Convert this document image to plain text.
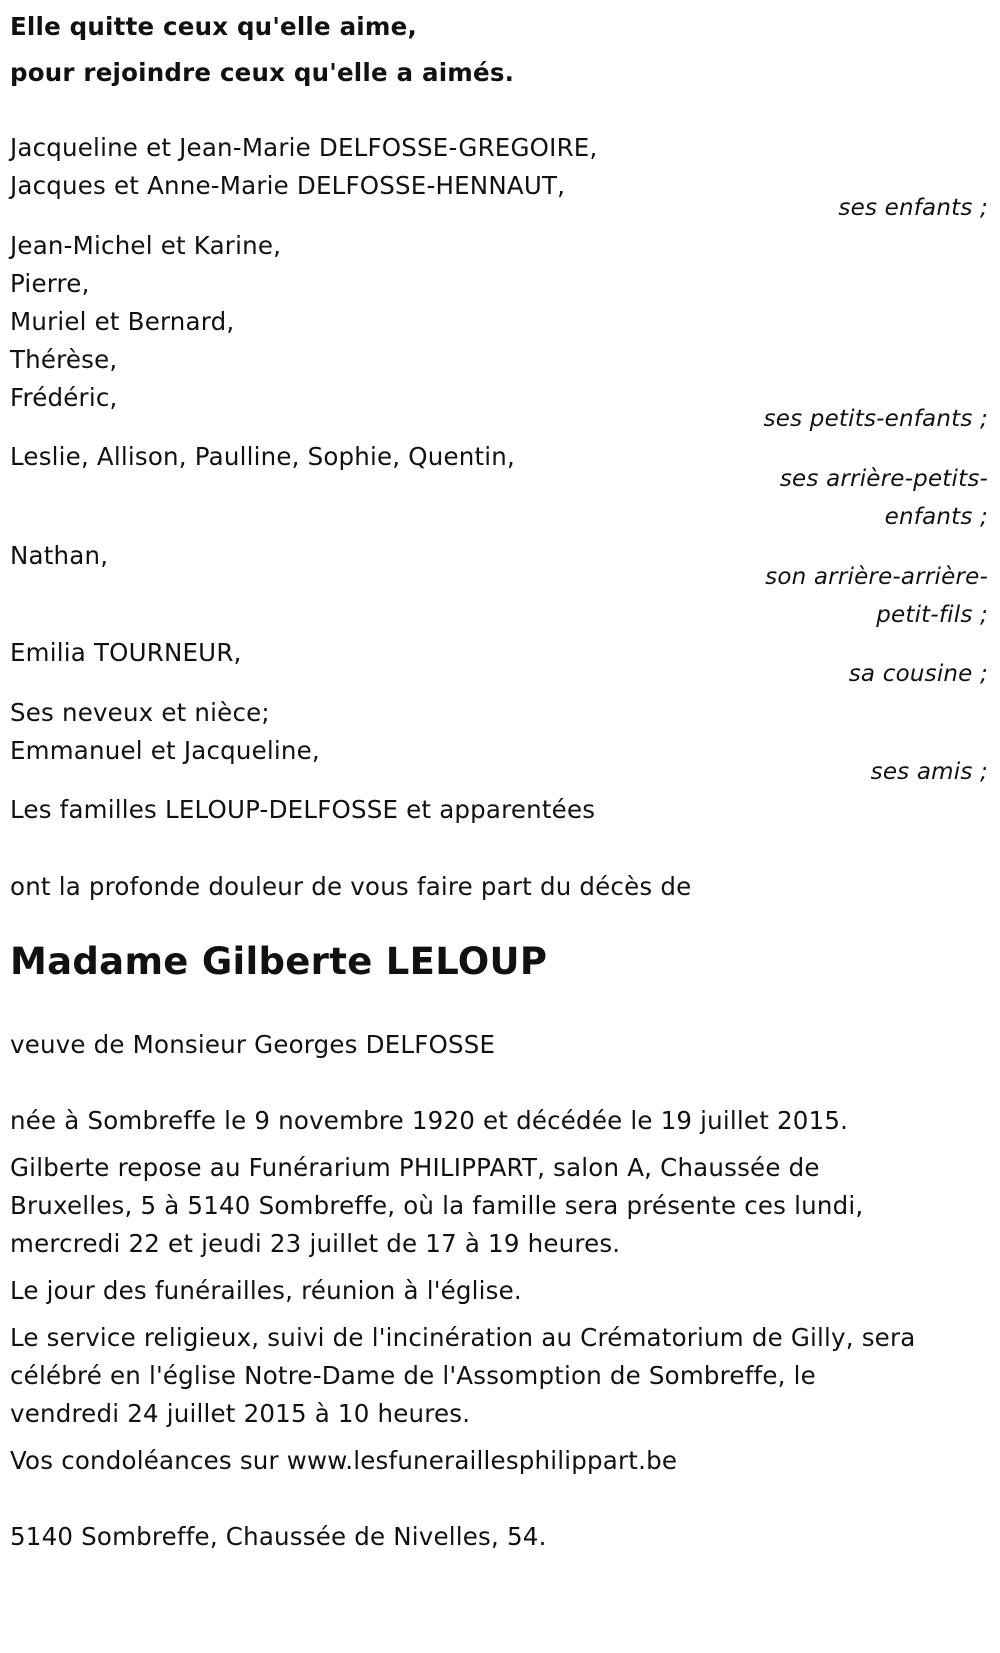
Elle quitte ceux qu'elle aime,
pour rejoindre ceux qu'elle a aimés.
Jacqueline et Jean-Marie DELFOSSE-GREGOIRE,
Jacques et Anne-Marie DELFOSSE-HENNAUT,
ses enfants ;
Jean-Michel et Karine,
Pierre,
Muriel et Bernard,
Thérèse,
Frédéric,
ses petits-enfants ;
Leslie, Allison, Paulline, Sophie, Quentin,
ses arrière-petits-
enfants ;
Nathan,
son arrière-arrière-
petit-fils ;
Emilia TOURNEUR,
sa cousine ;
Ses neveux et nièce;
Emmanuel et Jacqueline,
ses amis ;
Les familles LELOUP-DELFOSSE et apparentées
ont la profonde douleur de vous faire part du décès de
Madame Gilberte LELOUP
veuve de Monsieur Georges DELFOSSE
née à Sombreffe le 9 novembre 1920 et décédée le 19 juillet 2015.
Gilberte repose au Funérarium PHILIPPART, salon A, Chaussée de
Bruxelles, 5 à 5140 Sombreffe, où la famille sera présente ces lundi,
mercredi 22 et jeudi 23 juillet de 17 à 19 heures.
Le jour des funérailles, réunion à l'église.
Le service religieux, suivi de l'incinération au Crématorium de Gilly, sera
célébré en l'église Notre-Dame de l'Assomption de Sombreffe, le
vendredi 24 juillet 2015 à 10 heures.
Vos condoléances sur www.lesfuneraillesphilippart.be
5140 Sombreffe, Chaussée de Nivelles, 54.
